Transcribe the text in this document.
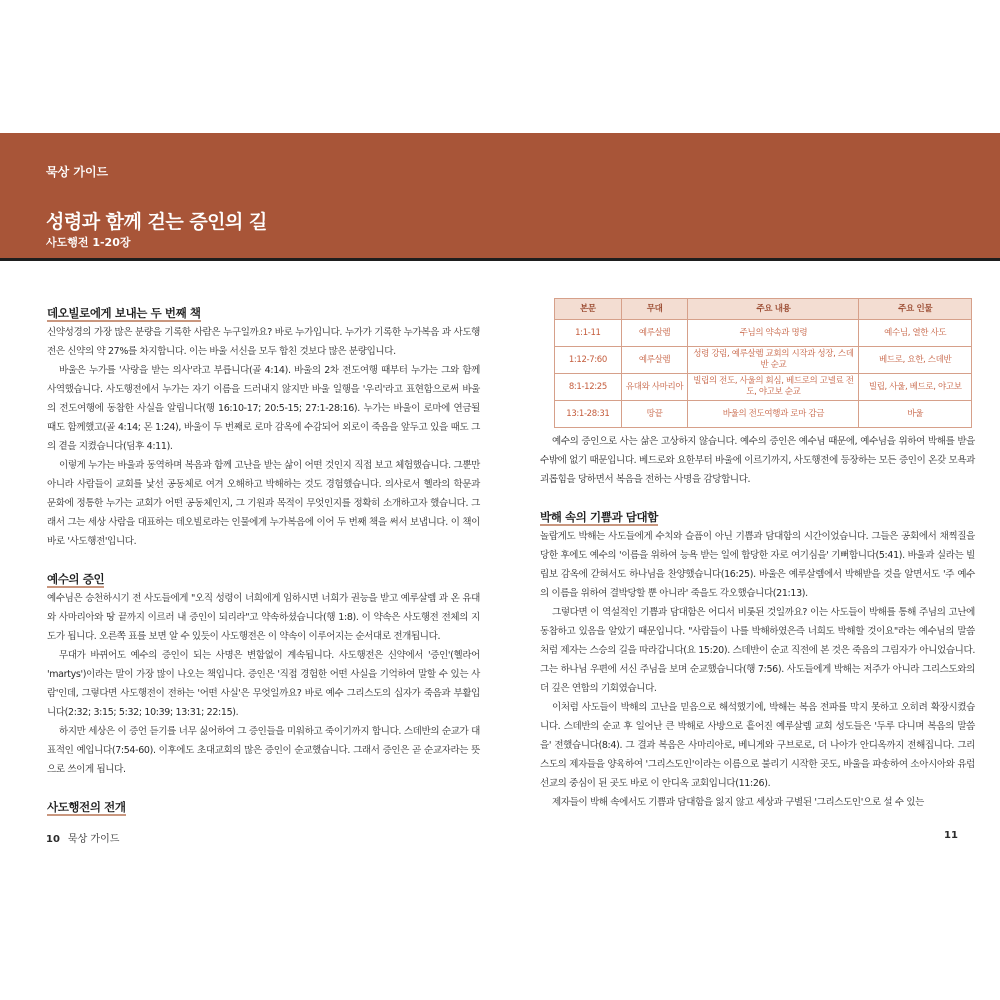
묵상 가이드
성령과 함께 걷는 증인의 길
사도행전 1-20장
데오빌로에게 보내는 두 번째 책

신약성경의 가장 많은 분량을 기록한 사람은 누구일까요? 바로 누가입니다. 누가가 기록한 누가복음 과 사도행전은 신약의 약 27%를 차지합니다. 이는 바울 서신을 모두 합친 것보다 많은 분량입니다.

바울은 누가를 '사랑을 받는 의사'라고 부릅니다(골 4:14). 바울의 2차 전도여행 때부터 누가는 그와 함께 사역했습니다. 사도행전에서 누가는 자기 이름을 드러내지 않지만 바울 일행을 '우리'라고 표현함으로써 바울의 전도여행에 동참한 사실을 알립니다(행 16:10-17; 20:5-15; 27:1-28:16). 누가는 바울이 로마에 연금될 때도 함께했고(골 4:14; 몬 1:24), 바울이 두 번째로 로마 감옥에 수감되어 외로이 죽음을 앞두고 있을 때도 그의 곁을 지켰습니다(딤후 4:11).

이렇게 누가는 바울과 동역하며 복음과 함께 고난을 받는 삶이 어떤 것인지 직접 보고 체험했습니다. 그뿐만 아니라 사람들이 교회를 낯선 공동체로 여겨 오해하고 박해하는 것도 경험했습니다. 의사로서 헬라의 학문과 문화에 정통한 누가는 교회가 어떤 공동체인지, 그 기원과 목적이 무엇인지를 정확히 소개하고자 했습니다. 그래서 그는 세상 사람을 대표하는 데오빌로라는 인물에게 누가복음에 이어 두 번째 책을 써서 보냅니다. 이 책이 바로 '사도행전'입니다.

예수의 증인

예수님은 승천하시기 전 사도들에게 "오직 성령이 너희에게 임하시면 너희가 권능을 받고 예루살렘 과 온 유대와 사마리아와 땅 끝까지 이르러 내 증인이 되리라"고 약속하셨습니다(행 1:8). 이 약속은 사도행전 전체의 지도가 됩니다. 오른쪽 표를 보면 알 수 있듯이 사도행전은 이 약속이 이루어지는 순서대로 전개됩니다.

무대가 바뀌어도 예수의 증인이 되는 사명은 변함없이 계속됩니다. 사도행전은 신약에서 '증인'(헬라어 'martys')이라는 말이 가장 많이 나오는 책입니다. 증인은 '직접 경험한 어떤 사실을 기억하여 말할 수 있는 사람'인데, 그렇다면 사도행전이 전하는 '어떤 사실'은 무엇일까요? 바로 예수 그리스도의 십자가 죽음과 부활입니다(2:32; 3:15; 5:32; 10:39; 13:31; 22:15).

하지만 세상은 이 증언 듣기를 너무 싫어하여 그 증인들을 미워하고 죽이기까지 합니다. 스데반의 순교가 대표적인 예입니다(7:54-60). 이후에도 초대교회의 많은 증인이 순교했습니다. 그래서 증인은 곧 순교자라는 뜻으로 쓰이게 됩니다.

사도행전의 전개
본문	무대	주요 내용	주요 인물
1:1-11	예루살렘	주님의 약속과 명령	예수님, 열한 사도
1:12-7:60	예루살렘	성령 강림, 예루살렘 교회의 시작과 성장, 스데반 순교	베드로, 요한, 스데반
8:1-12:25	유대와 사마리아	빌립의 전도, 사울의 회심, 베드로의 고넬료 전도, 야고보 순교	빌립, 사울, 베드로, 야고보
13:1-28:31	땅끝	바울의 전도여행과 로마 감금	바울

예수의 증인으로 사는 삶은 고상하지 않습니다. 예수의 증인은 예수님 때문에, 예수님을 위하여 박해를 받을 수밖에 없기 때문입니다. 베드로와 요한부터 바울에 이르기까지, 사도행전에 등장하는 모든 증인이 온갖 모욕과 괴롭힘을 당하면서 복음을 전하는 사명을 감당합니다.

박해 속의 기쁨과 담대함

놀랍게도 박해는 사도들에게 수치와 슬픔이 아닌 기쁨과 담대함의 시간이었습니다. 그들은 공회에서 채찍질을 당한 후에도 예수의 '이름을 위하여 능욕 받는 일에 합당한 자로 여기심을' 기뻐합니다(5:41). 바울과 실라는 빌립보 감옥에 갇혀서도 하나님을 찬양했습니다(16:25). 바울은 예루살렘에서 박해받을 것을 알면서도 '주 예수의 이름을 위하여 결박당할 뿐 아니라' 죽을도 각오했습니다(21:13).

그렇다면 이 역설적인 기쁨과 담대함은 어디서 비롯된 것일까요? 이는 사도들이 박해를 통해 주님의 고난에 동참하고 있음을 알았기 때문입니다. "사람들이 나를 박해하였은즉 너희도 박해할 것이요"라는 예수님의 말씀처럼 제자는 스승의 길을 따라갑니다(요 15:20). 스데반이 순교 직전에 본 것은 죽음의 그림자가 아니었습니다. 그는 하나님 우편에 서신 주님을 보며 순교했습니다(행 7:56). 사도들에게 박해는 저주가 아니라 그리스도와의 더 깊은 연합의 기회였습니다.

이처럼 사도들이 박해의 고난을 믿음으로 해석했기에, 박해는 복음 전파를 막지 못하고 오히려 확장시켰습니다. 스데반의 순교 후 일어난 큰 박해로 사방으로 흩어진 예루살렘 교회 성도들은 '두루 다니며 복음의 말씀을' 전했습니다(8:4). 그 결과 복음은 사마리아로, 베니게와 구브로로, 더 나아가 안디옥까지 전해집니다. 그리스도의 제자들을 양육하여 '그리스도인'이라는 이름으로 불리기 시작한 곳도, 바울을 파송하여 소아시아와 유럽 선교의 중심이 된 곳도 바로 이 안디옥 교회입니다(11:26).

제자들이 박해 속에서도 기쁨과 담대함을 잃지 않고 세상과 구별된 '그리스도인'으로 설 수 있는

10 묵상 가이드	11
